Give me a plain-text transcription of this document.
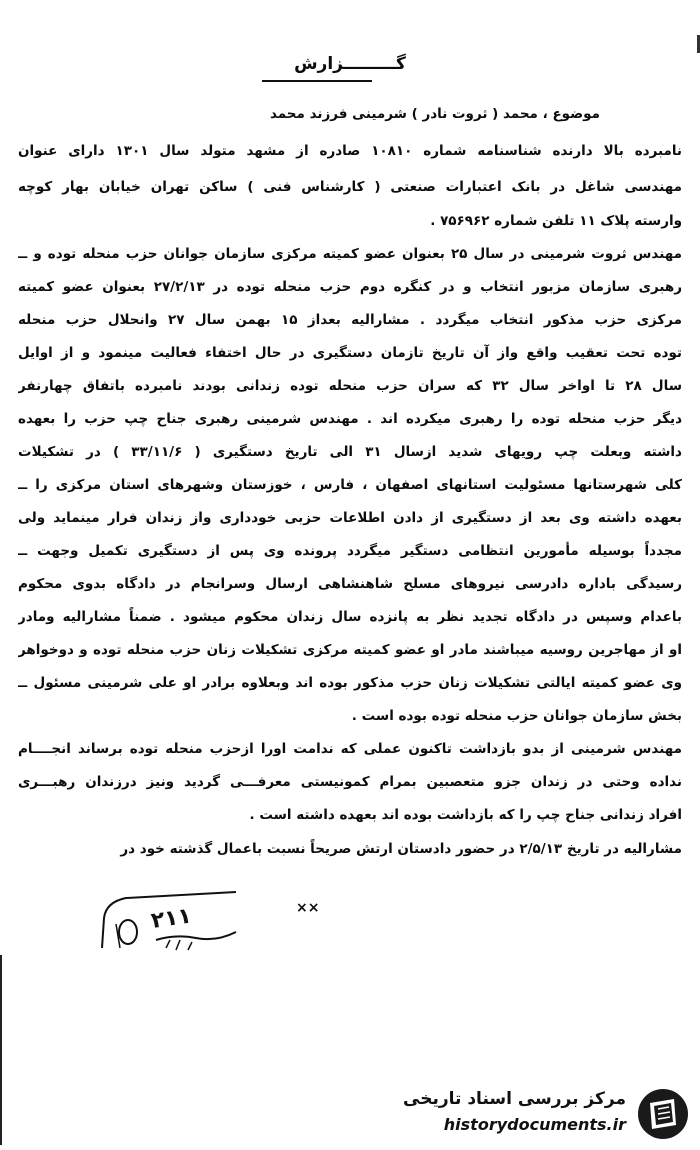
گـــــــــزارش
موضوع ، محمد ( ثروت نادر ) شرمینی فرزند محمد
نامبرده بالا دارنده شناسنامه شماره ۱۰۸۱۰ صادره از مشهد متولد سال ۱۳۰۱ دارای عنوان
مهندسی شاغل در بانک اعتبارات صنعتی ( کارشناس فنی ) ساکن تهران خیابان بهار کوچه
وارسته پلاک ۱۱ تلفن شماره ۷۵۶۹۶۲ .
مهندس ثروت شرمینی در سال ۲۵ بعنوان عضو کمیته مرکزی سازمان جوانان حزب منحله توده و ــ
رهبری سازمان مزبور انتخاب و در کنگره دوم حزب منحله توده در ۲۷/۲/۱۳ بعنوان عضو کمیته
مرکزی حزب مذکور انتخاب میگردد . مشارالیه بعداز ۱۵ بهمن سال ۲۷ وانحلال حزب منحله
توده تحت تعقیب واقع واز آن تاریخ تازمان دستگیری در حال اختفاء فعالیت مینمود و از اوایل
سال ۲۸ تا اواخر سال ۳۲ که سران حزب منحله توده زندانی بودند نامبرده باتفاق چهارنفر
دیگر حزب منحله توده را رهبری میکرده اند . مهندس شرمینی رهبری جناح چپ حزب را بعهده
داشته وبعلت چپ رویهای شدید ازسال ۳۱ الی تاریخ دستگیری ( ۳۳/۱۱/۶ ) در تشکیلات
کلی شهرستانها مسئولیت استانهای اصفهان ، فارس ، خوزستان وشهرهای استان مرکزی را ــ
بعهده داشته وی بعد از دستگیری از دادن اطلاعات حزبی خودداری واز زندان فرار مینماید ولی
مجدداً بوسیله مأمورین انتظامی دستگیر میگردد پرونده وی پس از دستگیری تکمیل وجهت ــ
رسیدگی باداره دادرسی نیروهای مسلح شاهنشاهی ارسال وسرانجام در دادگاه بدوی محکوم
باعدام وسپس در دادگاه تجدید نظر به پانزده سال زندان محکوم میشود . ضمناً مشارالیه ومادر
او از مهاجرین روسیه میباشند مادر او عضو کمیته مرکزی تشکیلات زنان حزب منحله توده و دوخواهر
وی عضو کمیته ایالتی تشکیلات زنان حزب مذکور بوده اند وبعلاوه برادر او علی شرمینی مسئول ــ
بخش سازمان جوانان حزب منحله توده بوده است .
مهندس شرمینی از بدو بازداشت تاکنون عملی که ندامت اورا ازحزب منحله توده برساند انجــــام
نداده وحتی در زندان جزو متعصبین بمرام کمونیستی معرفـــی گردید ونیز درزندان رهبـــری
افراد زندانی جناح چپ را که بازداشت بوده اند بعهده داشته است .
مشارالیه در تاریخ ۲/۵/۱۳ در حضور دادستان ارتش صریحاً نسبت باعمال گذشته خود در
۲۱۱	××
مرکز بررسی اسناد تاریخی
historydocuments.ir
